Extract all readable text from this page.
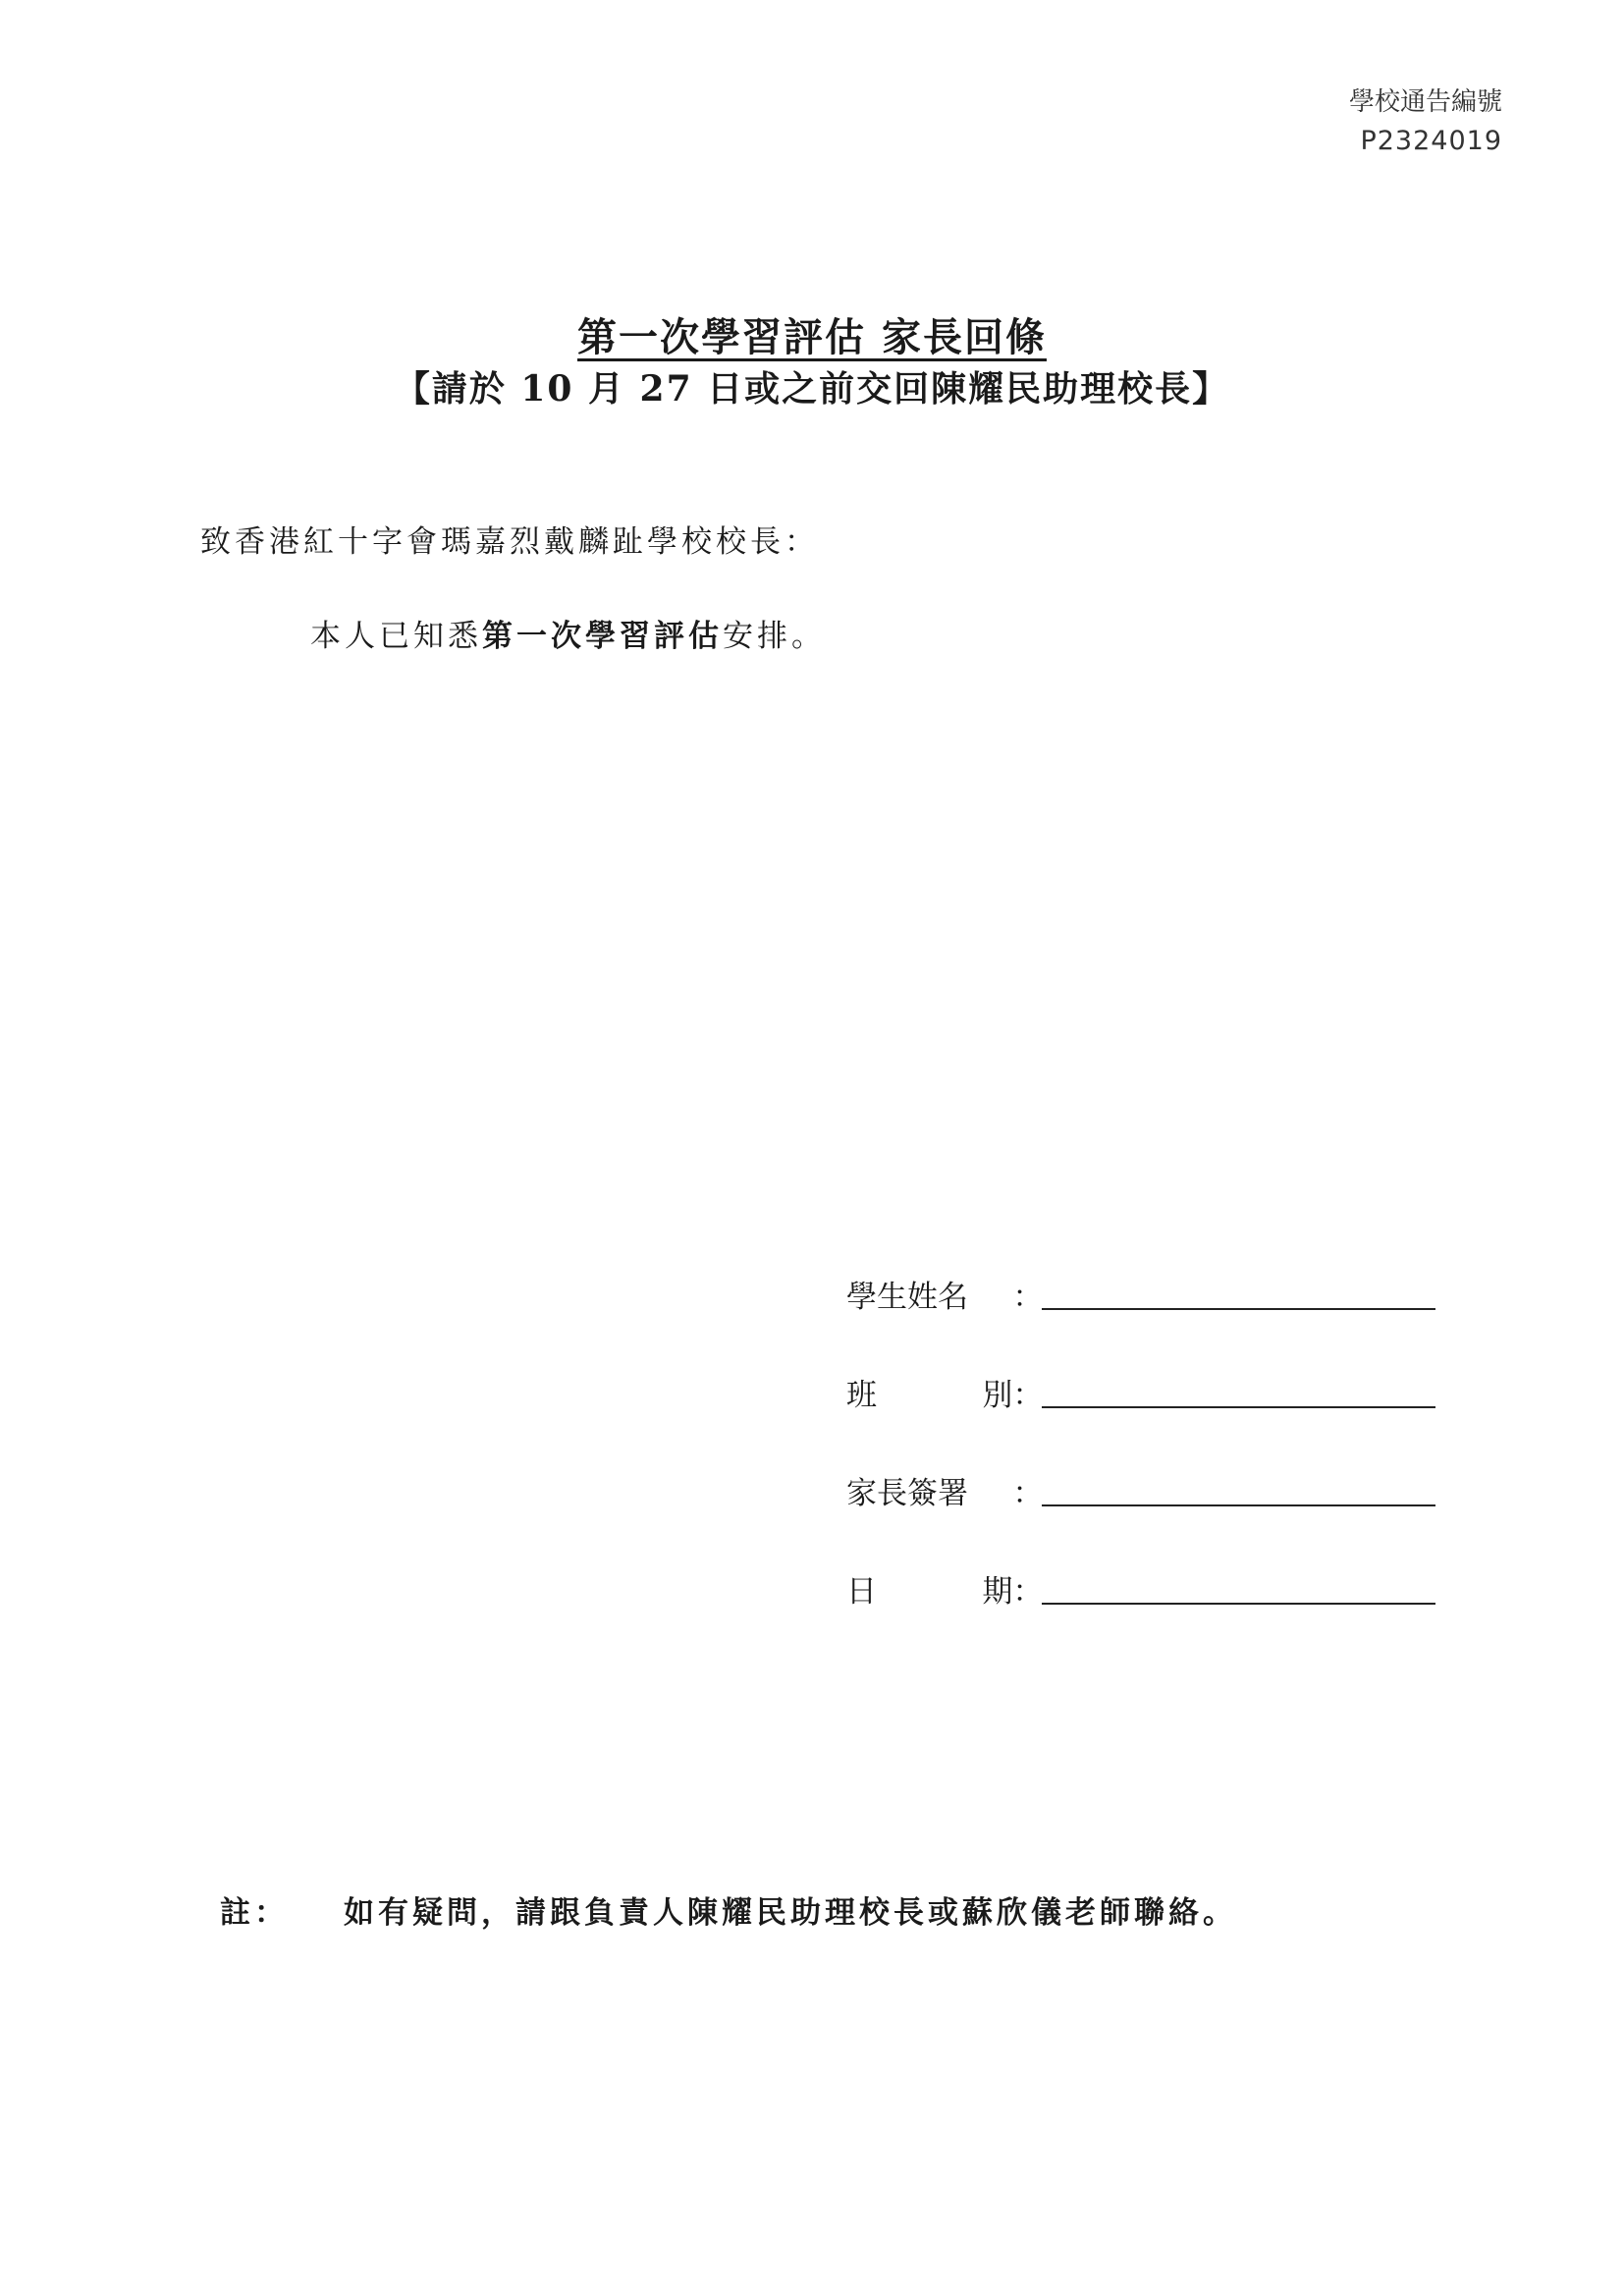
學校通告編號
P2324019
第一次學習評估 家長回條
【請於 10 月 27 日或之前交回陳耀民助理校長】
致香港紅十字會瑪嘉烈戴麟趾學校校長：
本人已知悉第一次學習評估安排。
學生姓名 ：
班	別 ：
家長簽署 ：
日	期 ：
註：	如有疑問，請跟負責人陳耀民助理校長或蘇欣儀老師聯絡。
